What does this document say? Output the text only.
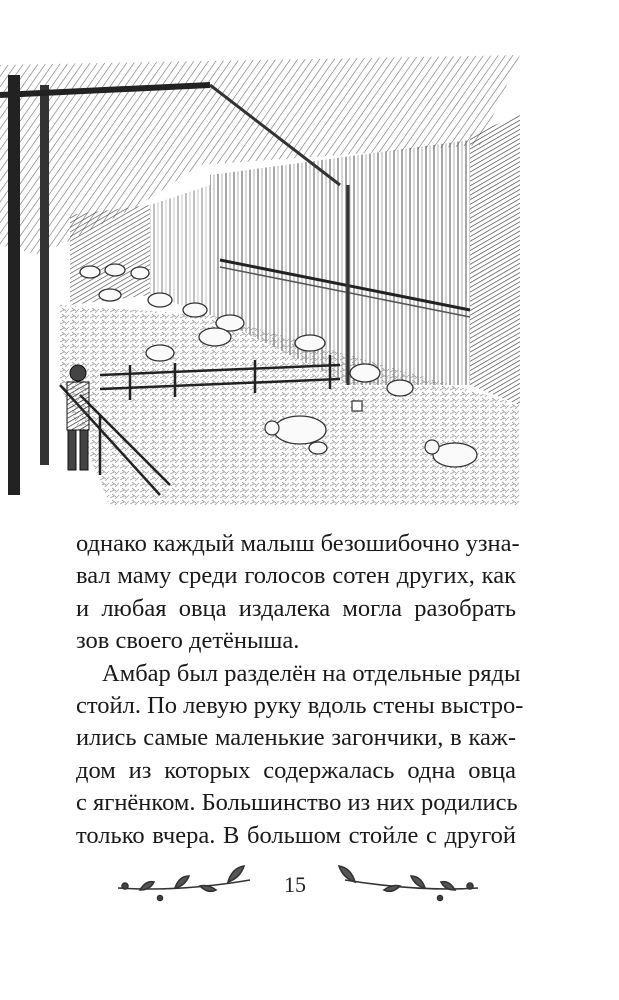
однако каждый малыш безошибочно узна-
вал маму среди голосов сотен других, как
и любая овца издалека могла разобрать
зов своего детёныша.

Амбар был разделён на отдельные ряды
стойл. По левую руку вдоль стены выстро-
ились самые маленькие загончики, в каж-
дом из которых содержалась одна овца
с ягнёнком. Большинство из них родились
только вчера. В большом стойле с другой

15
